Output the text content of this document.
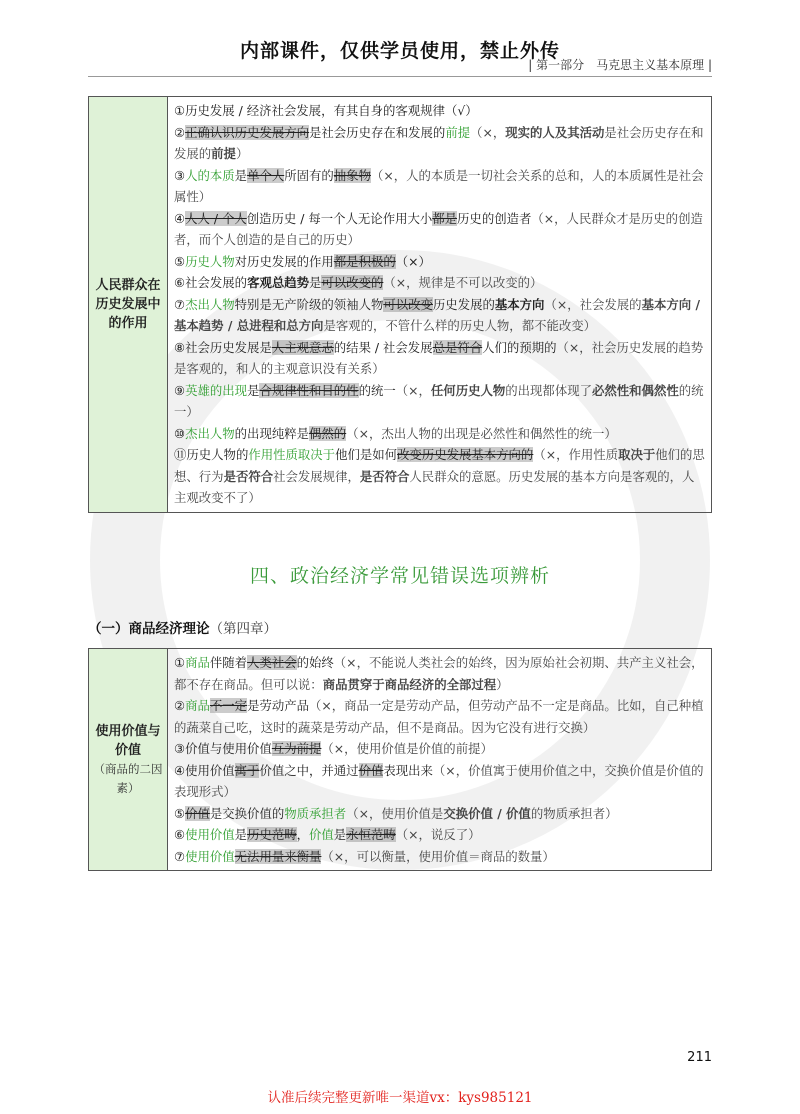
内部课件，仅供学员使用，禁止外传
| 第一部分　马克思主义基本原理 |
人民群众在历史发展中的作用	
①历史发展 / 经济社会发展，有其自身的客观规律（√）
②正确认识历史发展方向是社会历史存在和发展的前提（×，现实的人及其活动是社会历史存在和发展的前提）
③人的本质是单个人所固有的抽象物（×，人的本质是一切社会关系的总和，人的本质属性是社会属性）
④人人 / 个人创造历史 / 每一个人无论作用大小都是历史的创造者（×，人民群众才是历史的创造者，而个人创造的是自己的历史）
⑤历史人物对历史发展的作用都是积极的（×）
⑥社会发展的客观总趋势是可以改变的（×，规律是不可以改变的）
⑦杰出人物特别是无产阶级的领袖人物可以改变历史发展的基本方向（×，社会发展的基本方向 / 基本趋势 / 总进程和总方向是客观的，不管什么样的历史人物，都不能改变）
⑧社会历史发展是人主观意志的结果 / 社会发展总是符合人们的预期的（×，社会历史发展的趋势是客观的，和人的主观意识没有关系）
⑨英雄的出现是合规律性和目的性的统一（×，任何历史人物的出现都体现了必然性和偶然性的统一）
⑩杰出人物的出现纯粹是偶然的（×，杰出人物的出现是必然性和偶然性的统一）
⑪历史人物的作用性质取决于他们是如何改变历史发展基本方向的（×，作用性质取决于他们的思想、行为是否符合社会发展规律，是否符合人民群众的意愿。历史发展的基本方向是客观的，人主观改变不了）
四、政治经济学常见错误选项辨析
（一）商品经济理论（第四章）
使用价值与价值
（商品的二因素）

①商品伴随着人类社会的始终（×，不能说人类社会的始终，因为原始社会初期、共产主义社会，都不存在商品。但可以说：商品贯穿于商品经济的全部过程）
②商品不一定是劳动产品（×，商品一定是劳动产品，但劳动产品不一定是商品。比如，自己种植的蔬菜自己吃，这时的蔬菜是劳动产品，但不是商品。因为它没有进行交换）
③价值与使用价值互为前提（×，使用价值是价值的前提）
④使用价值寓于价值之中，并通过价值表现出来（×，价值寓于使用价值之中，交换价值是价值的表现形式）
⑤价值是交换价值的物质承担者（×，使用价值是交换价值 / 价值的物质承担者）
⑥使用价值是历史范畴，价值是永恒范畴（×，说反了）
⑦使用价值无法用量来衡量（×，可以衡量，使用价值＝商品的数量）
211
认准后续完整更新唯一渠道vx：kys985121
